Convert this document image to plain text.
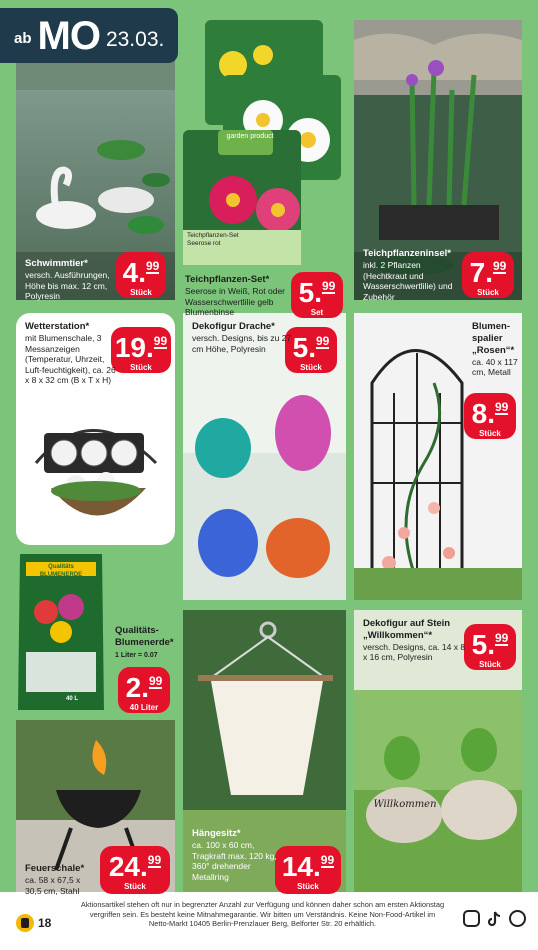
ab MO 23.03.
Schwimmtier*
versch. Ausführungen, Höhe bis max. 12 cm, Polyresin
4.99
Stück
garden product
Teichpflanzen-Set
Seerose rot
Teichpflanzen-Set*
Seerose in Weiß, Rot oder Wasserschwertlilie gelb Blumenbinse
5.99
Set
Teichpflanzeninsel*
inkl. 2 Pflanzen (Hechtkraut und Wasserschwertlilie) und Zubehör
7.99
Stück
Wetterstation*
mit Blumenschale, 3 Messanzeigen (Temperatur, Uhrzeit, Luft-feuchtigkeit), ca. 26 x 8 x 32 cm (B x T x H)
19.99
Stück
Dekofigur Drache*
versch. Designs, bis zu 27 cm Höhe, Polyresin 5.99
Stück
Blumen-spalier „Rosen“*
ca. 40 x 117 cm, Metall
8.99
Stück
Qualitäts BLUMENERDE
40 L
Qualitäts-Blumenerde*
1 Liter = 0.07
2.99
40 Liter
Feuerschale*
ca. 58 x 67,5 x 30,5 cm, Stahl
24.99
Stück
Hängesitz*
ca. 100 x 60 cm, Tragkraft max. 120 kg, 360° drehender Metallring	14.99
Stück
Willkommen
Dekofigur auf Stein „Willkommen“*
versch. Designs, ca. 14 x 8 x 16 cm, Polyresin	5.99
Stück
18
Aktionsartikel stehen oft nur in begrenzter Anzahl zur Verfügung und können daher schon am ersten Aktionstag vergriffen sein. Es besteht keine Mitnahmegarantie. Wir bitten um Verständnis. Keine Non-Food-Artikel im Netto-Markt 10405 Berlin-Prenzlauer Berg, Belforter Str. 20 erhältlich.
